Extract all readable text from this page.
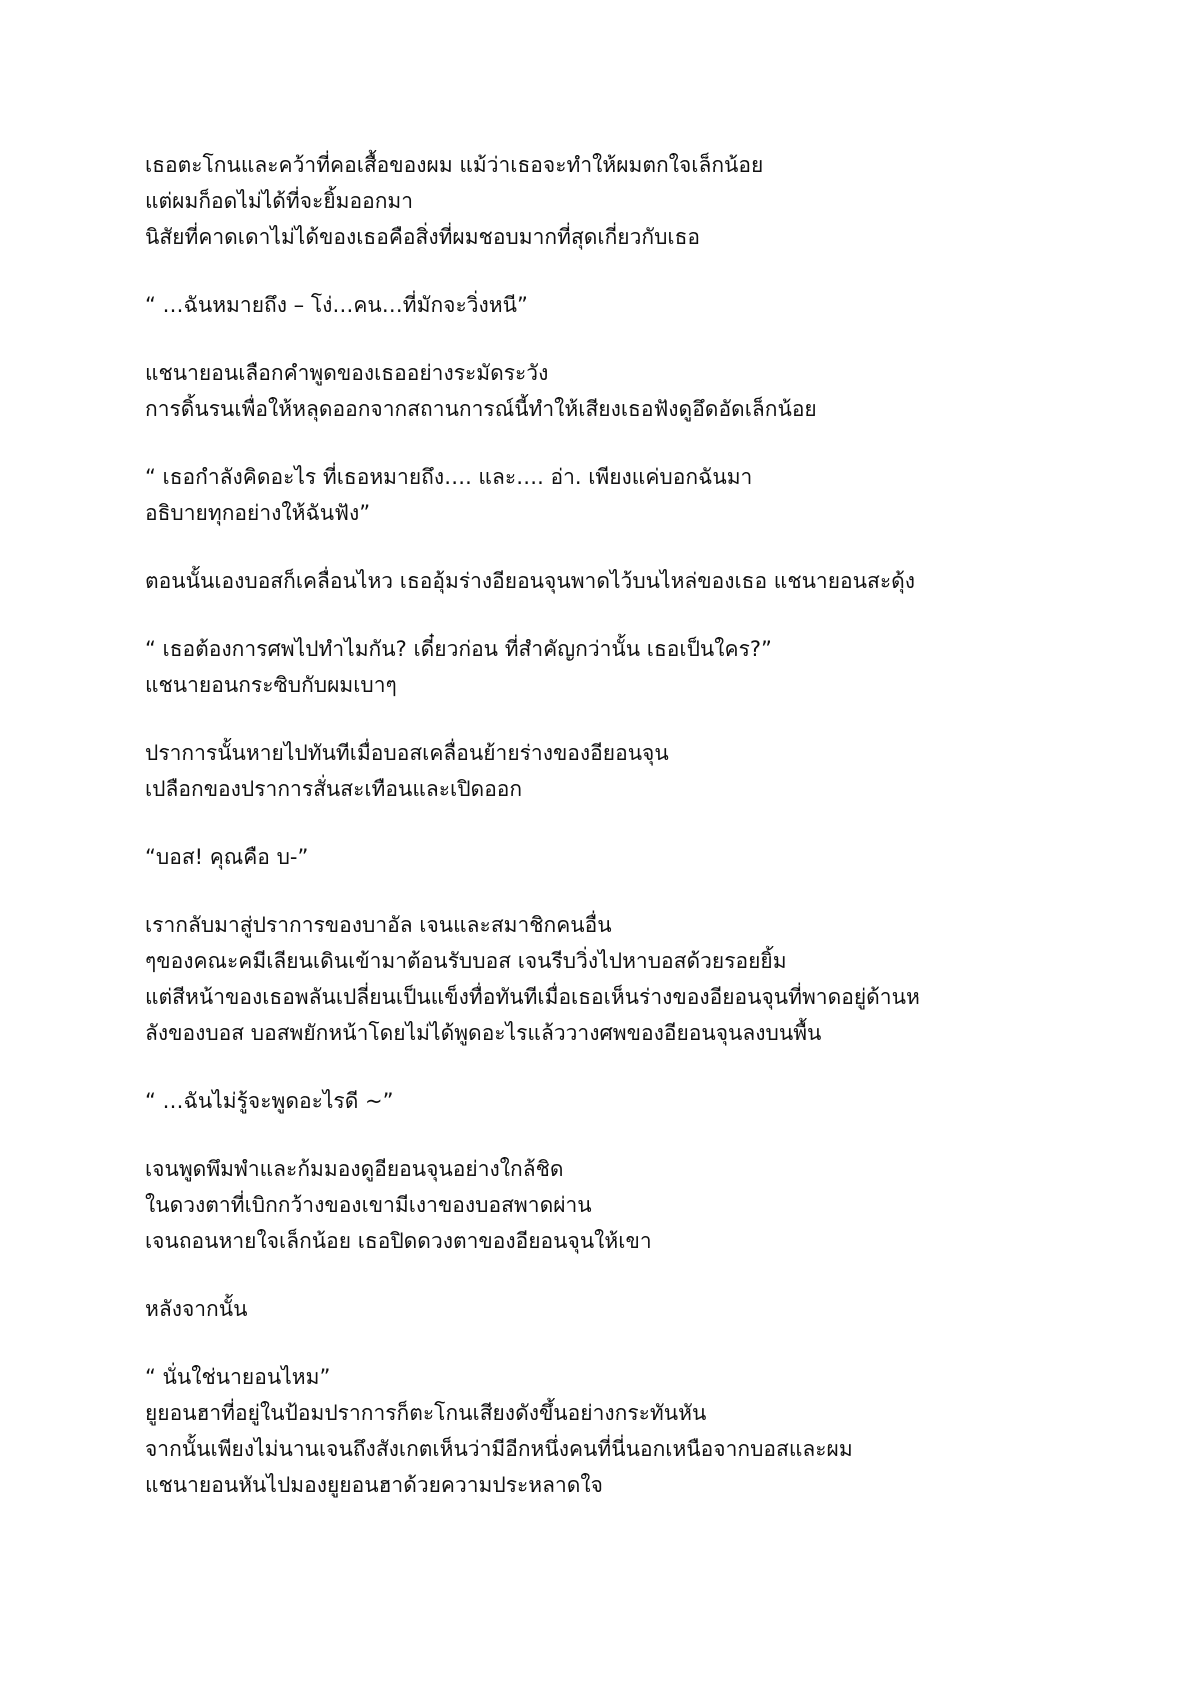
เธอตะโกนและคว้าที่คอเสื้อของผม แม้ว่าเธอจะทำให้ผมตกใจเล็กน้อย
แต่ผมก็อดไม่ได้ที่จะยิ้มออกมา
นิสัยที่คาดเดาไม่ได้ของเธอคือสิ่งที่ผมชอบมากที่สุดเกี่ยวกับเธอ

“ …ฉันหมายถึง – โง่…คน…ที่มักจะวิ่งหนี”

แชนายอนเลือกคำพูดของเธออย่างระมัดระวัง
การดิ้นรนเพื่อให้หลุดออกจากสถานการณ์นี้ทำให้เสียงเธอฟังดูอึดอัดเล็กน้อย

“ เธอกำลังคิดอะไร ที่เธอหมายถึง…. และ…. อ่า. เพียงแค่บอกฉันมา
อธิบายทุกอย่างให้ฉันฟัง”

ตอนนั้นเองบอสก็เคลื่อนไหว เธออุ้มร่างอียอนจุนพาดไว้บนไหล่ของเธอ แชนายอนสะดุ้ง

“ เธอต้องการศพไปทำไมกัน? เดี๋ยวก่อน ที่สำคัญกว่านั้น เธอเป็นใคร?”
แชนายอนกระซิบกับผมเบาๆ

ปราการนั้นหายไปทันทีเมื่อบอสเคลื่อนย้ายร่างของอียอนจุน
เปลือกของปราการสั่นสะเทือนและเปิดออก

“บอส! คุณคือ บ-”

เรากลับมาสู่ปราการของบาอัล เจนและสมาชิกคนอื่น
ๆของคณะคมีเลียนเดินเข้ามาต้อนรับบอส เจนรีบวิ่งไปหาบอสด้วยรอยยิ้ม
แต่สีหน้าของเธอพลันเปลี่ยนเป็นแข็งทื่อทันทีเมื่อเธอเห็นร่างของอียอนจุนที่พาดอยู่ด้านห
ลังของบอส บอสพยักหน้าโดยไม่ได้พูดอะไรแล้ววางศพของอียอนจุนลงบนพื้น

“ …ฉันไม่รู้จะพูดอะไรดี ~”

เจนพูดพึมพำและก้มมองดูอียอนจุนอย่างใกล้ชิด
ในดวงตาที่เบิกกว้างของเขามีเงาของบอสพาดผ่าน
เจนถอนหายใจเล็กน้อย เธอปิดดวงตาของอียอนจุนให้เขา

หลังจากนั้น

“ นั่นใช่นายอนไหม”
ยูยอนฮาที่อยู่ในป้อมปราการก็ตะโกนเสียงดังขึ้นอย่างกระทันหัน
จากนั้นเพียงไม่นานเจนถึงสังเกตเห็นว่ามีอีกหนึ่งคนที่นี่นอกเหนือจากบอสและผม
แชนายอนหันไปมองยูยอนฮาด้วยความประหลาดใจ
